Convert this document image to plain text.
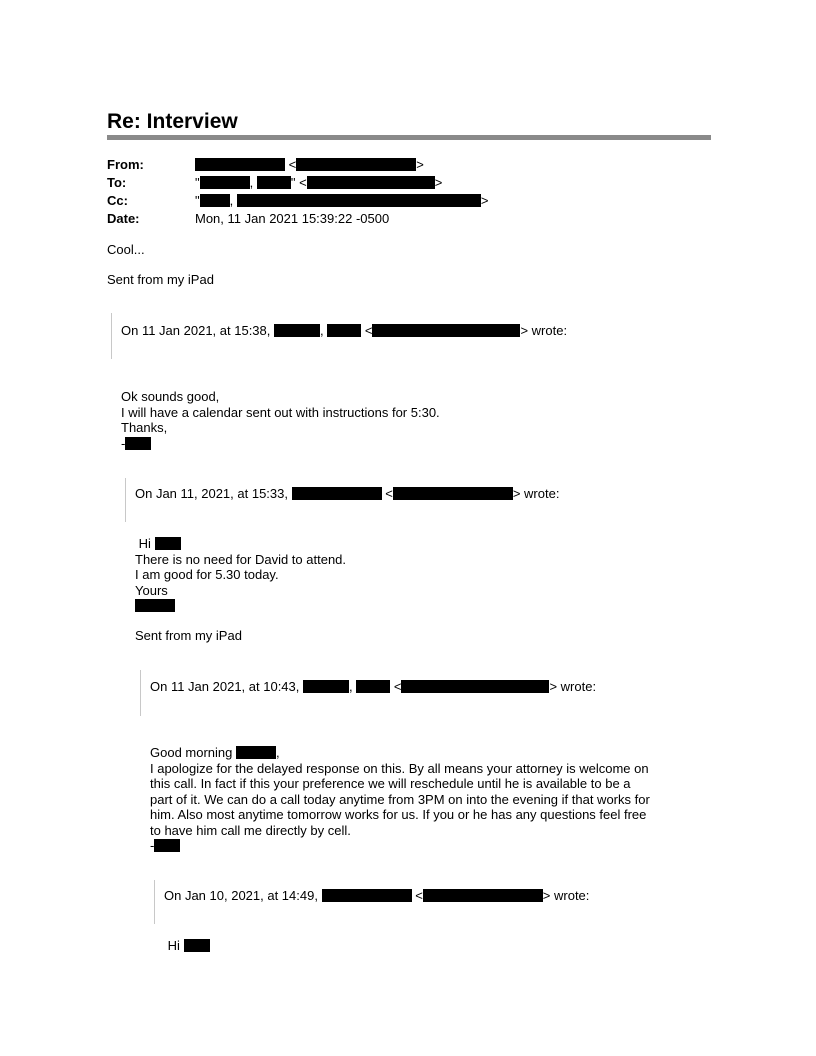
Re: Interview
From:	<	>
To:	"	,	" <	>
Cc:	" ,	>
Date:	Mon, 11 Jan 2021 15:39:22 -0500
Cool...
Sent from my iPad
On 11 Jan 2021, at 15:38,	,	<	> wrote:
Ok sounds good,
I will have a calendar sent out with instructions for 5:30.
Thanks,
-
On Jan 11, 2021, at 15:33,	<	> wrote:
Hi
There is no need for David to attend.
I am good for 5.30 today.
Yours
Sent from my iPad
On 11 Jan 2021, at 10:43,	,	<	> wrote:
Good morning	,
I apologize for the delayed response on this. By all means your attorney is welcome on
this call. In fact if this your preference we will reschedule until he is available to be a
part of it. We can do a call today anytime from 3PM on into the evening if that works for
him. Also most anytime tomorrow works for us. If you or he has any questions feel free
to have him call me directly by cell.
-
On Jan 10, 2021, at 14:49,	<	> wrote:
Hi
